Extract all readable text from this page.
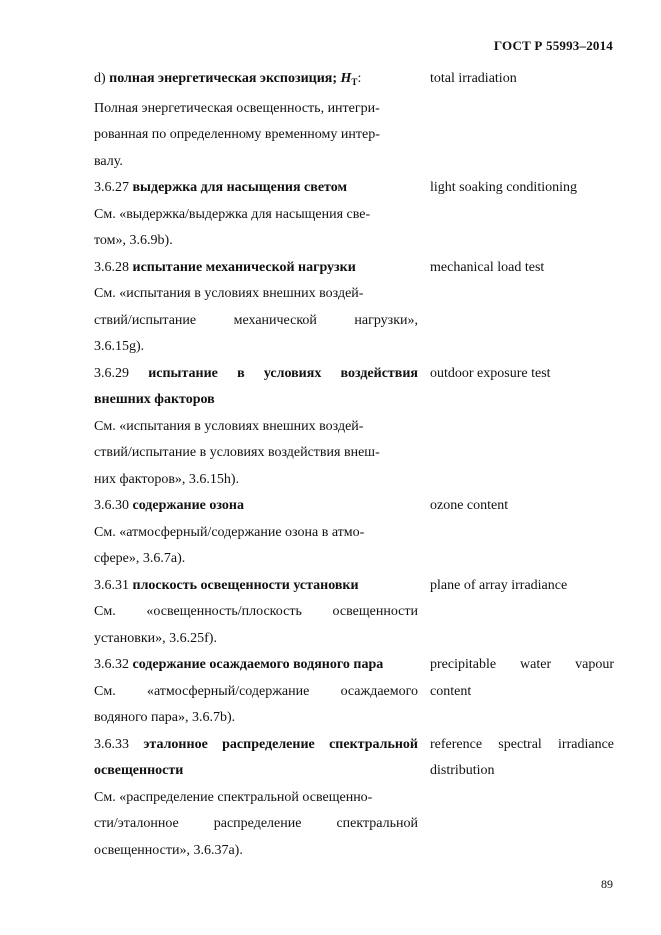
ГОСТ Р 55993–2014
d) полная энергетическая экспозиция; $H_T$:
Полная энергетическая освещенность, интегри-
рованная по определенному временному интер-
валу.
total irradiation
3.6.27 выдержка для насыщения светом
См. «выдержка/выдержка для насыщения све-
том», 3.6.9b).
light soaking conditioning
3.6.28 испытание механической нагрузки
См. «испытания в условиях внешних воздей-
ствий/испытание механической нагрузки»,
3.6.15g).
mechanical load test
3.6.29 испытание в условиях воздействия
внешних факторов
См. «испытания в условиях внешних воздей-
ствий/испытание в условиях воздействия внеш-
них факторов», 3.6.15h).
outdoor exposure test
3.6.30 содержание озона
См. «атмосферный/содержание озона в атмо-
сфере», 3.6.7a).
ozone content
3.6.31 плоскость освещенности установки
См. «освещенность/плоскость освещенности
установки», 3.6.25f).
plane of array irradiance
3.6.32 содержание осаждаемого водяного пара
См. «атмосферный/содержание осаждаемого
водяного пара», 3.6.7b).
precipitable water vapour
content
3.6.33 эталонное распределение спектральной
освещенности
См. «распределение спектральной освещенно-
сти/эталонное распределение спектральной
освещенности», 3.6.37a).
reference spectral irradiance
distribution
89
